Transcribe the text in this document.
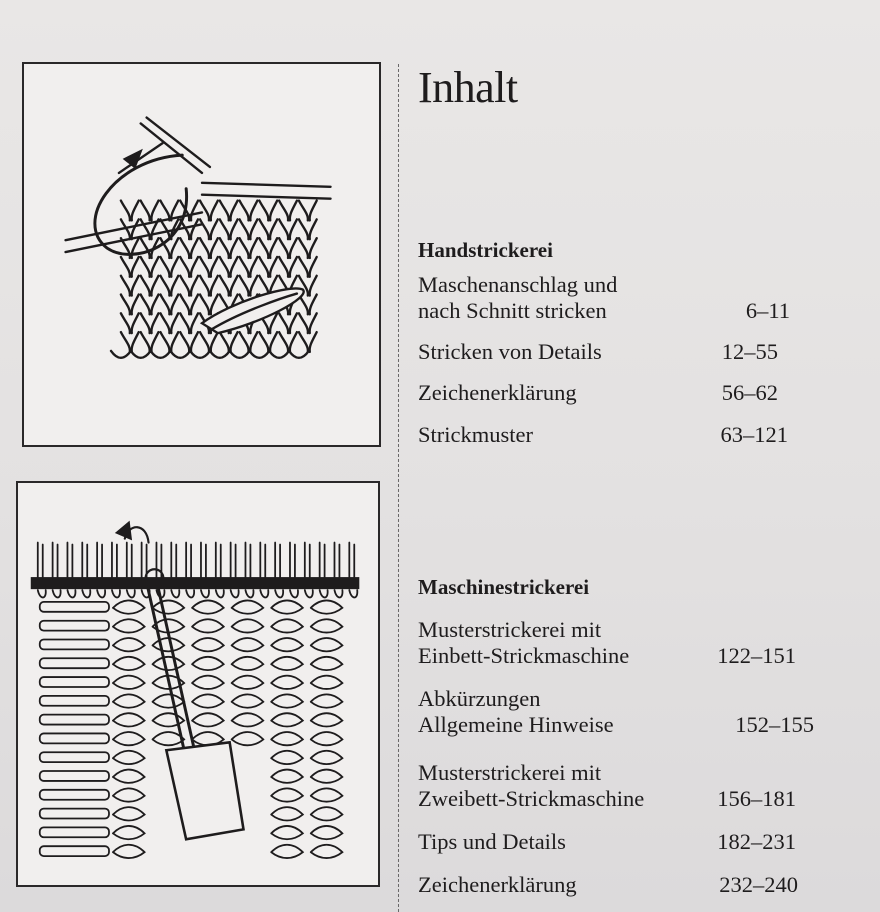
Inhalt
Handstrickerei
Maschenanschlag und
nach Schnitt stricken	6–11
Stricken von Details	12–55
Zeichenerklärung	56–62
Strickmuster	63–121
Maschinestrickerei
Musterstrickerei mit
Einbett-Strickmaschine	122–151
Abkürzungen
Allgemeine Hinweise	152–155
Musterstrickerei mit
Zweibett-Strickmaschine	156–181
Tips und Details	182–231
Zeichenerklärung	232–240
